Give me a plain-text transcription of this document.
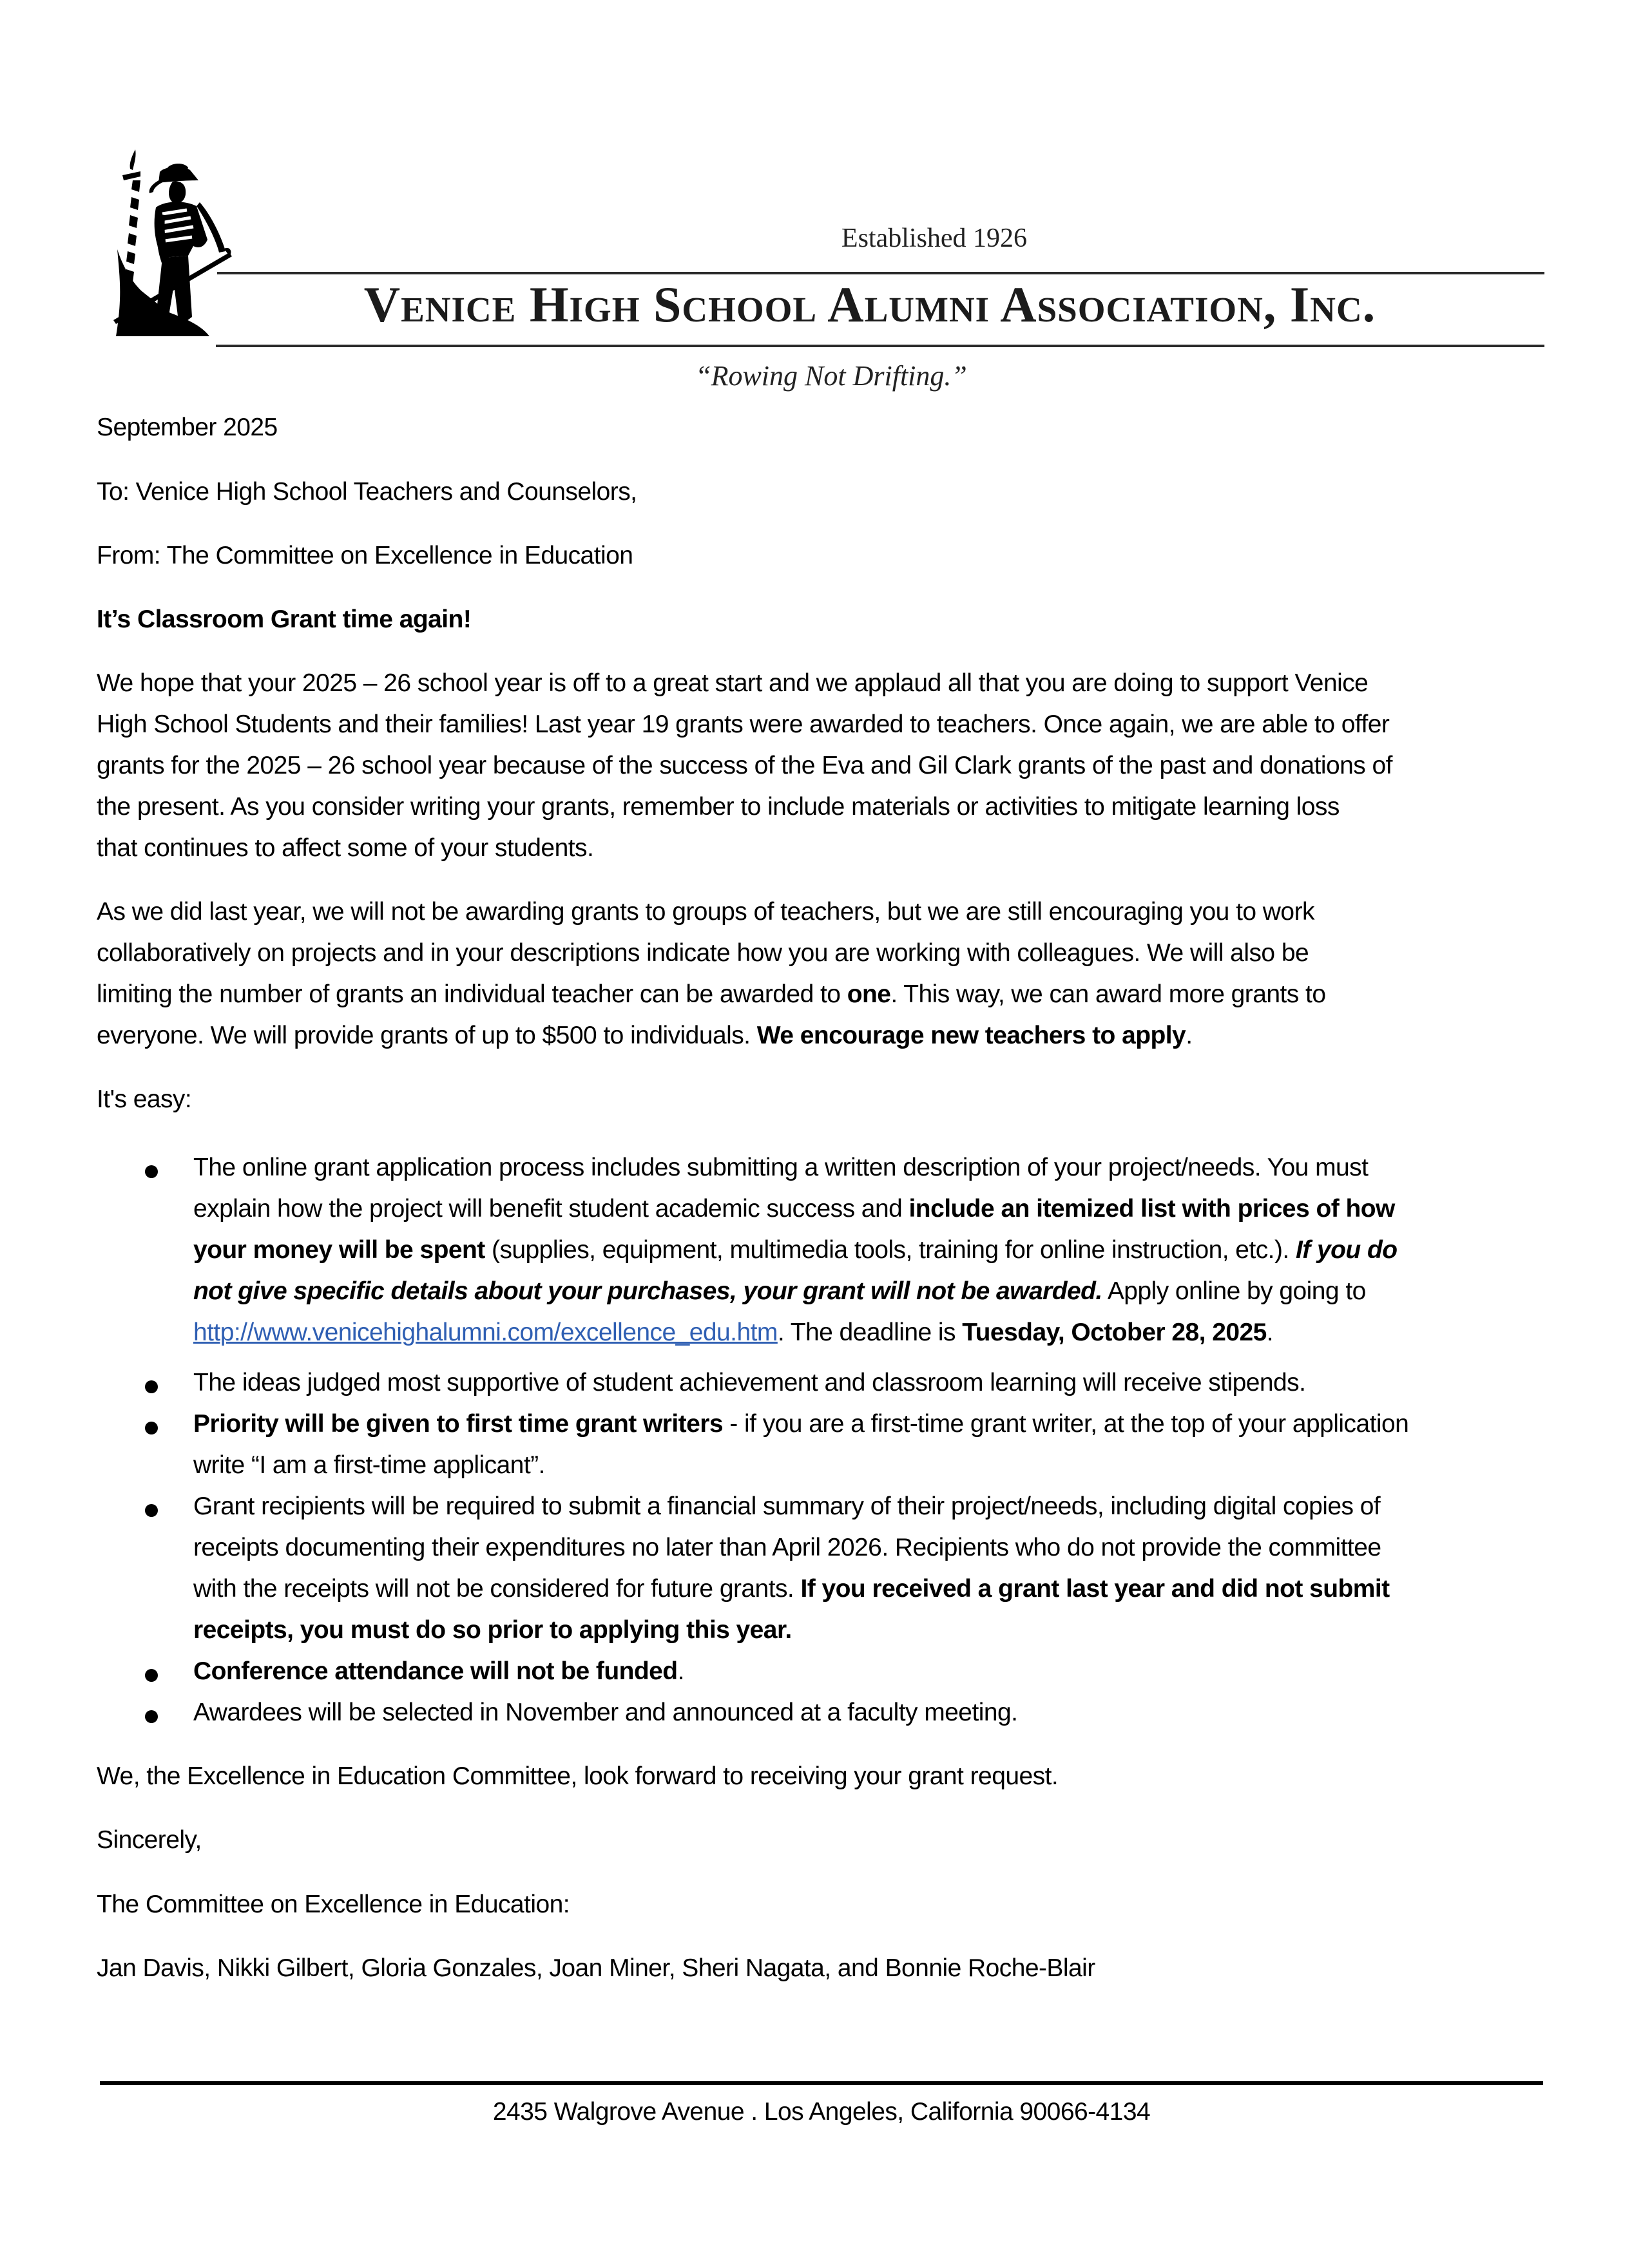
Established 1926
Venice High School Alumni Association, Inc.
“Rowing Not Drifting.”
September 2025
To: Venice High School Teachers and Counselors,
From: The Committee on Excellence in Education
It’s Classroom Grant time again!
We hope that your 2025 – 26 school year is off to a great start and we applaud all that you are doing to support Venice
High School Students and their families! Last year 19 grants were awarded to teachers. Once again, we are able to offer
grants for the 2025 – 26 school year because of the success of the Eva and Gil Clark grants of the past and donations of
the present. As you consider writing your grants, remember to include materials or activities to mitigate learning loss
that continues to affect some of your students.
As we did last year, we will not be awarding grants to groups of teachers, but we are still encouraging you to work
collaboratively on projects and in your descriptions indicate how you are working with colleagues. We will also be
limiting the number of grants an individual teacher can be awarded to one. This way, we can award more grants to
everyone. We will provide grants of up to $500 to individuals. We encourage new teachers to apply.
It's easy:
The online grant application process includes submitting a written description of your project/needs. You must
explain how the project will benefit student academic success and include an itemized list with prices of how
your money will be spent (supplies, equipment, multimedia tools, training for online instruction, etc.). If you do
not give specific details about your purchases, your grant will not be awarded. Apply online by going to
http://www.venicehighalumni.com/excellence_edu.htm. The deadline is Tuesday, October 28, 2025.
The ideas judged most supportive of student achievement and classroom learning will receive stipends.
Priority will be given to first time grant writers - if you are a first-time grant writer, at the top of your application
write “I am a first-time applicant”.
Grant recipients will be required to submit a financial summary of their project/needs, including digital copies of
receipts documenting their expenditures no later than April 2026. Recipients who do not provide the committee
with the receipts will not be considered for future grants. If you received a grant last year and did not submit
receipts, you must do so prior to applying this year.
Conference attendance will not be funded.
Awardees will be selected in November and announced at a faculty meeting.
We, the Excellence in Education Committee, look forward to receiving your grant request.
Sincerely,
The Committee on Excellence in Education:
Jan Davis, Nikki Gilbert, Gloria Gonzales, Joan Miner, Sheri Nagata, and Bonnie Roche-Blair
2435 Walgrove Avenue . Los Angeles, California 90066-4134
